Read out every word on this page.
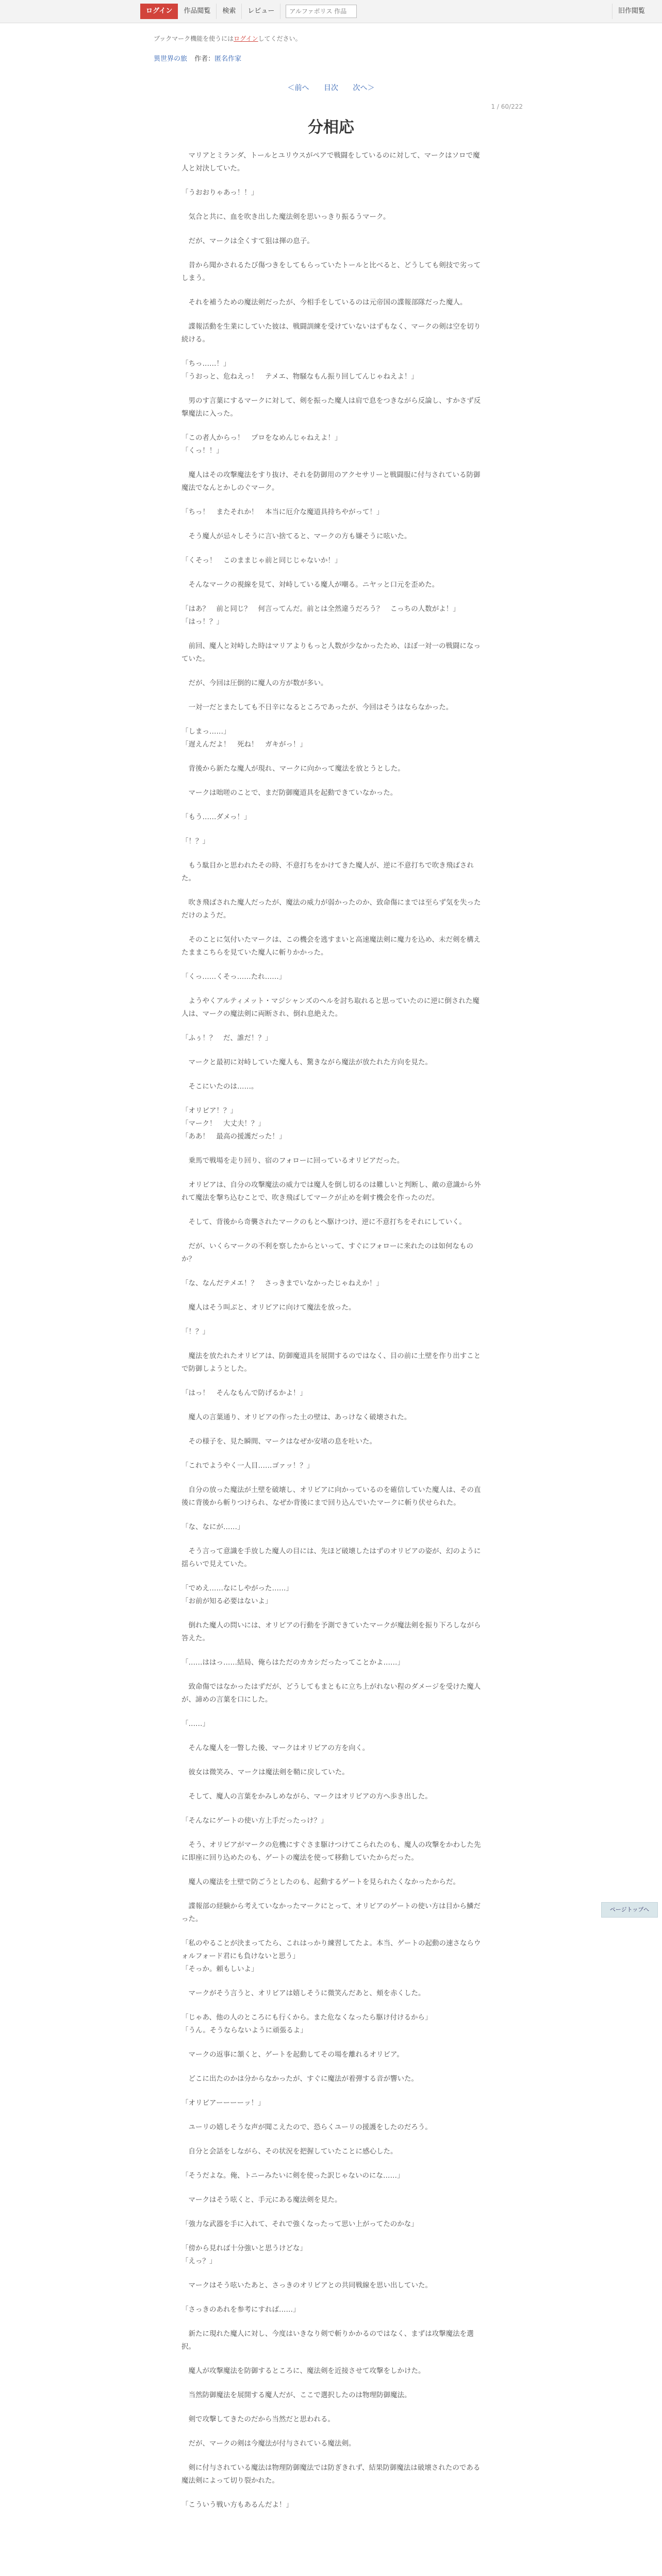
ログイン	作品閲覧	検索	レビュー
アルファポリス 作品	旧作閲覧
ブックマーク機能を使うにはログインしてください。
異世界の旅 作者：匿名作家
＜前へ 目次 次へ＞
1 / 60/222
分相応

　マリアとミランダ、トールとユリウスがペアで戦闘をしているのに対して、マークはソロで魔人と対決していた。

「うおおりゃあっ！！」

　気合と共に、血を吹き出した魔法剣を思いっきり振るうマーク。

　だが、マークは全くすて狙は揮の息子。

　昔から聞かされるたび傷つきをしてもらっていたトールと比べると、どうしても剣技で劣ってしまう。

　それを補うための魔法剣だったが、今相手をしているのは元帝国の諜報部隊だった魔人。

　諜報活動を生業にしていた彼は、戦闘訓練を受けていないはずもなく、マークの剣は空を切り続ける。

「ちっ……！」
「うおっと、危ねえっ！　テメエ、物騒なもん振り回してんじゃねえよ！」

　男のす言葉にするマークに対して、剣を振った魔人は肩で息をつきながら反論し、すかさず反撃魔法に入った。

「この者人からっ！　プロをなめんじゃねえよ！」
「くっ！！」

　魔人はその攻撃魔法をすり抜け、それを防御用のアクセサリーと戦闘服に付与されている防御魔法でなんとかしのぐマーク。

「ちっ！　またそれか！　本当に厄介な魔道具持ちやがって！」

　そう魔人が忌々しそうに言い捨てると、マークの方も嫌そうに呟いた。

「くそっ！　このままじゃ前と同じじゃないか！」

　そんなマークの視線を見て、対峙している魔人が嘲る。ニヤッと口元を歪めた。

「はあ？　前と同じ？　何言ってんだ。前とは全然違うだろう？　こっちの人数がよ！」
「はっ！？」

　前回、魔人と対峙した時はマリアよりもっと人数が少なかったため、ほぼ一対一の戦闘になっていた。

　だが、今回は圧倒的に魔人の方が数が多い。

　一対一だとまたしても不日辛になるところであったが、今回はそうはならなかった。

「しまっ……」
「遅えんだよ！　死ね！　ガキがっ！」

　背後から新たな魔人が現れ、マークに向かって魔法を放とうとした。

　マークは咄嗟のことで、まだ防御魔道具を起動できていなかった。

「もう……ダメっ！」

「！？」

　もう駄目かと思われたその時、不意打ちをかけてきた魔人が、逆に不意打ちで吹き飛ばされた。

　吹き飛ばされた魔人だったが、魔法の威力が弱かったのか、致命傷にまでは至らず気を失っただけのようだ。

　そのことに気付いたマークは、この機会を逃すまいと高速魔法剣に魔力を込め、未だ剣を構えたままこちらを見ていた魔人に斬りかかった。

「くっ……くそっ……たれ……」

　ようやくアルティメット・マジシャンズのヘルを討ち取れると思っていたのに逆に倒された魔人は、マークの魔法剣に両断され、倒れ息絶えた。

「ふぅ！？　だ、誰だ！？」

　マークと最初に対峙していた魔人も、驚きながら魔法が放たれた方向を見た。

　そこにいたのは……。

「オリビア！？」
「マーク！　大丈夫！？」
「ああ！　最高の援護だった！」

　乗馬で戦場を走り回り、宿のフォローに回っているオリビアだった。

　オリビアは、自分の攻撃魔法の威力では魔人を倒し切るのは難しいと判断し、敵の意識から外れて魔法を撃ち込むことで、吹き飛ばしてマークが止めを刺す機会を作ったのだ。

　そして、背後から奇襲されたマークのもとへ駆けつけ、逆に不意打ちをそれにしていく。

　だが、いくらマークの不利を察したからといって、すぐにフォローに来れたのは如何なものか？

「な、なんだテメエ！？　さっきまでいなかったじゃねえか！」

　魔人はそう叫ぶと、オリビアに向けて魔法を放った。

「！？」

　魔法を放たれたオリビアは、防御魔道具を展開するのではなく、目の前に土壁を作り出すことで防御しようとした。

「はっ！　そんなもんで防げるかよ！」

　魔人の言葉通り、オリビアの作った土の壁は、あっけなく破壊された。

　その様子を、見た瞬間、マークはなぜか安堵の息を吐いた。

「これでようやく一人目……ゴァッ！？」

　自分の放った魔法が土壁を破壊し、オリビアに向かっているのを確信していた魔人は、その直後に背後から斬りつけられ、なぜか背後にまで回り込んでいたマークに斬り伏せられた。

「な、なにが……」

　そう言って意識を手放した魔人の目には、先ほど破壊したはずのオリビアの姿が、幻のように揺らいで見えていた。

「でめえ……なにしやがった……」
「お前が知る必要はないよ」

　倒れた魔人の問いには、オリビアの行動を予測できていたマークが魔法剣を振り下ろしながら答えた。

「……ははっ……結局、俺らはただのカカシだったってことかよ……」

　致命傷ではなかったはずだが、どうしてもまともに立ち上がれない程のダメージを受けた魔人が、諦めの言葉を口にした。

「……」

　そんな魔人を一瞥した後、マークはオリビアの方を向く。

　彼女は微笑み、マークは魔法剣を鞘に戻していた。

　そして、魔人の言葉をかみしめながら、マークはオリビアの方へ歩き出した。

「そんなにゲートの使い方上手だったっけ？」

　そう、オリビアがマークの危機にすぐさま駆けつけてこられたのも、魔人の攻撃をかわした先に即座に回り込めたのも、ゲートの魔法を使って移動していたからだった。

　魔人の魔法を土壁で防ごうとしたのも、起動するゲートを見られたくなかったからだ。

　諜報部の経験から考えていなかったマークにとって、オリビアのゲートの使い方は目から鱗だった。

「私のやることが決まってたら、これはっかり練習してたよ。本当、ゲートの起動の速さならウォルフォード君にも負けないと思う」
「そっか。頼もしいよ」

　マークがそう言うと、オリビアは嬉しそうに微笑んだあと、頬を赤くした。

「じゃあ、他の人のところにも行くから。また危なくなったら駆け付けるから」
「うん。そうならないように頑張るよ」

　マークの返事に頷くと、ゲートを起動してその場を離れるオリビア。

　どこに出たのかは分からなかったが、すぐに魔法が着弾する音が響いた。

「オリビアーーーーッ！」

　ユーリの嬉しそうな声が聞こえたので、恐らくユーリの援護をしたのだろう。

　自分と会話をしながら、その状況を把握していたことに感心した。

「そうだよな。俺、トニーみたいに剣を使った訳じゃないのにな……」

　マークはそう呟くと、手元にある魔法剣を見た。

「強力な武器を手に入れて、それで強くなったって思い上がってたのかな」

「傍から見れば十分強いと思うけどな」
「えっ？」

　マークはそう呟いたあと、さっきのオリビアとの共同戦線を思い出していた。

「さっきのあれを参考にすれば……」

　新たに現れた魔人に対し、今度はいきなり剣で斬りかかるのではなく、まずは攻撃魔法を選択。

　魔人が攻撃魔法を防御するところに、魔法剣を近接させて攻撃をしかけた。

　当然防御魔法を展開する魔人だが、ここで選択したのは物理防御魔法。

　剣で攻撃してきたのだから当然だと思われる。

　だが、マークの剣は今魔法が付与されている魔法剣。

　剣に付与されている魔法は物理防御魔法では防ぎきれず、結果防御魔法は破壊されたのである魔法剣によって切り裂かれた。

「こういう戦い方もあるんだよ！」

ページトップへ
